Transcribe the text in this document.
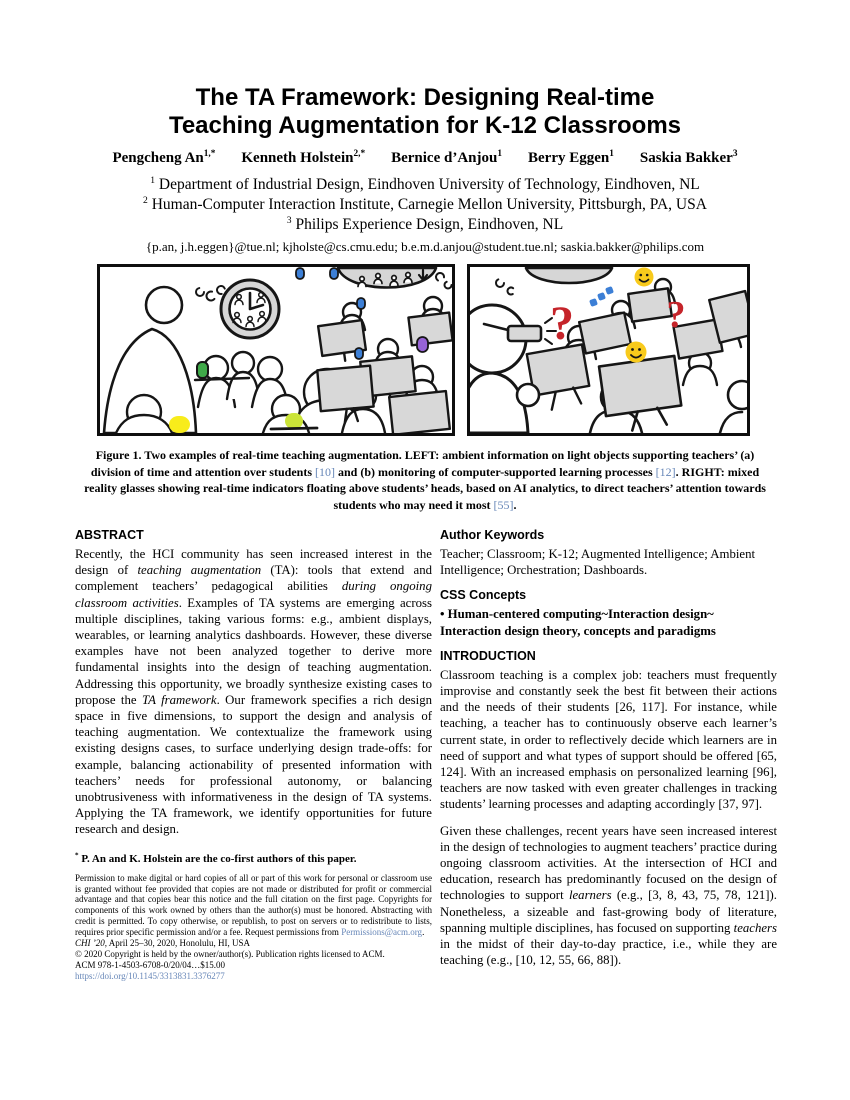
The TA Framework: Designing Real-time
Teaching Augmentation for K-12 Classrooms
Pengcheng $An^{1,*}$ Kenneth Holstein$^{2,*}$ Bernice d’Anjou$^1$ Berry Eggen$^1$ Saskia Bakker$^3$
$^1$ Department of Industrial Design, Eindhoven University of Technology, Eindhoven, NL
$^2$ Human-Computer Interaction Institute, Carnegie Mellon University, Pittsburgh, PA, USA
$^3$ Philips Experience Design, Eindhoven, NL
{p.an, j.h.eggen}@tue.nl; kjholste@cs.cmu.edu; b.e.m.d.anjou@student.tue.nl; saskia.bakker@philips.com
? ?
Figure 1. Two examples of real-time teaching augmentation. LEFT: ambient information on light objects supporting teachers’ (a) division of time and attention over students [10] and (b) monitoring of computer-supported learning processes [12]. RIGHT: mixed reality glasses showing real-time indicators floating above students’ heads, based on AI analytics, to direct teachers’ attention towards students who may need it most [55].
ABSTRACT

Recently, the HCI community has seen increased interest in the design of teaching augmentation (TA): tools that extend and complement teachers’ pedagogical abilities during ongoing classroom activities. Examples of TA systems are emerging across multiple disciplines, taking various forms: e.g., ambient displays, wearables, or learning analytics dashboards. However, these diverse examples have not been analyzed together to derive more fundamental insights into the design of teaching augmentation. Addressing this opportunity, we broadly synthesize existing cases to propose the TA framework. Our framework specifies a rich design space in five dimensions, to support the design and analysis of teaching augmentation. We contextualize the framework using existing designs cases, to surface underlying design trade-offs: for example, balancing actionability of presented information with teachers’ needs for professional autonomy, or balancing unobtrusiveness with informativeness in the design of TA systems. Applying the TA framework, we identify opportunities for future research and design.

* P. An and K. Holstein are the co-first authors of this paper.

Permission to make digital or hard copies of all or part of this work for personal or classroom use is granted without fee provided that copies are not made or distributed for profit or commercial advantage and that copies bear this notice and the full citation on the first page. Copyrights for components of this work owned by others than the author(s) must be honored. Abstracting with credit is permitted. To copy otherwise, or republish, to post on servers or to redistribute to lists, requires prior specific permission and/or a fee. Request permissions from Permissions@acm.org.

CHI ’20, April 25–30, 2020, Honolulu, HI, USA
© 2020 Copyright is held by the owner/author(s). Publication rights licensed to ACM.
ACM 978-1-4503-6708-0/20/04…$15.00
https://doi.org/10.1145/3313831.3376277
Author Keywords

Teacher; Classroom; K-12; Augmented Intelligence; Ambient Intelligence; Orchestration; Dashboards.

CSS Concepts

• Human-centered computing~Interaction design~
Interaction design theory, concepts and paradigms

INTRODUCTION

Classroom teaching is a complex job: teachers must frequently improvise and constantly seek the best fit between their actions and the needs of their students [26, 117]. For instance, while teaching, a teacher has to continuously observe each learner’s current state, in order to reflectively decide which learners are in need of support and what types of support should be offered [65, 124]. With an increased emphasis on personalized learning [96], teachers are now tasked with even greater challenges in tracking students’ learning processes and adapting accordingly [37, 97].

Given these challenges, recent years have seen increased interest in the design of technologies to augment teachers’ practice during ongoing classroom activities. At the intersection of HCI and education, research has predominantly focused on the design of technologies to support learners (e.g., [3, 8, 43, 75, 78, 121]). Nonetheless, a sizeable and fast-growing body of literature, spanning multiple disciplines, has focused on supporting teachers in the midst of their day-to-day practice, i.e., while they are teaching (e.g., [10, 12, 55, 66, 88]).
